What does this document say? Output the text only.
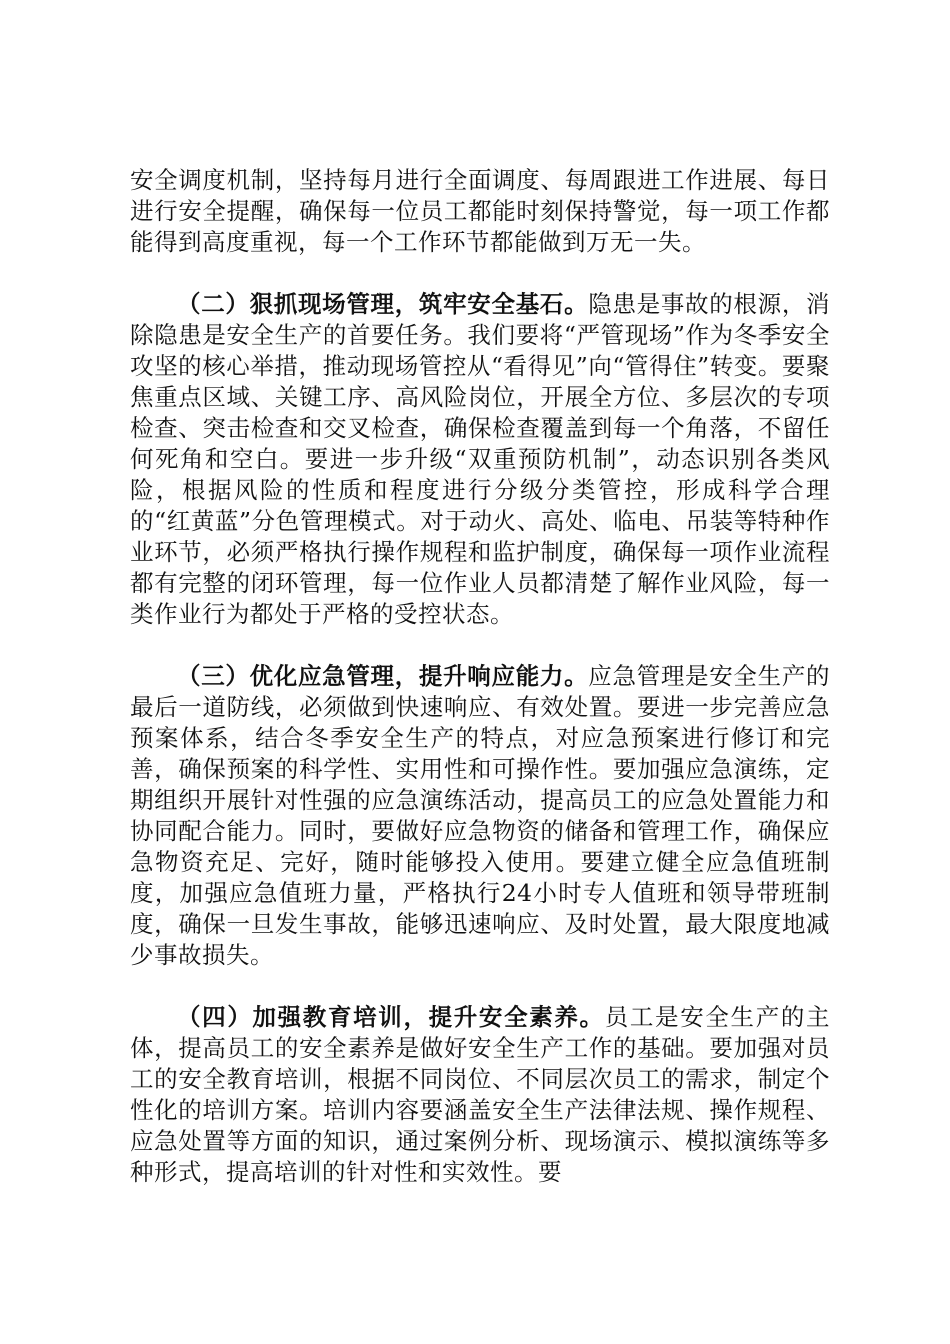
安全调度机制，坚持每月进行全面调度、每周跟进工作进展、每日进行安全提醒，确保每一位员工都能时刻保持警觉，每一项工作都能得到高度重视，每一个工作环节都能做到万无一失。

（二）狠抓现场管理，筑牢安全基石。隐患是事故的根源，消除隐患是安全生产的首要任务。我们要将“严管现场”作为冬季安全攻坚的核心举措，推动现场管控从“看得见”向“管得住”转变。要聚焦重点区域、关键工序、高风险岗位，开展全方位、多层次的专项检查、突击检查和交叉检查，确保检查覆盖到每一个角落，不留任何死角和空白。要进一步升级“双重预防机制”，动态识别各类风险，根据风险的性质和程度进行分级分类管控，形成科学合理的“红黄蓝”分色管理模式。对于动火、高处、临电、吊装等特种作业环节，必须严格执行操作规程和监护制度，确保每一项作业流程都有完整的闭环管理，每一位作业人员都清楚了解作业风险，每一类作业行为都处于严格的受控状态。

（三）优化应急管理，提升响应能力。应急管理是安全生产的最后一道防线，必须做到快速响应、有效处置。要进一步完善应急预案体系，结合冬季安全生产的特点，对应急预案进行修订和完善，确保预案的科学性、实用性和可操作性。要加强应急演练，定期组织开展针对性强的应急演练活动，提高员工的应急处置能力和协同配合能力。同时，要做好应急物资的储备和管理工作，确保应急物资充足、完好，随时能够投入使用。要建立健全应急值班制度，加强应急值班力量，严格执行24小时专人值班和领导带班制度，确保一旦发生事故，能够迅速响应、及时处置，最大限度地减少事故损失。

（四）加强教育培训，提升安全素养。员工是安全生产的主体，提高员工的安全素养是做好安全生产工作的基础。要加强对员工的安全教育培训，根据不同岗位、不同层次员工的需求，制定个性化的培训方案。培训内容要涵盖安全生产法律法规、操作规程、应急处置等方面的知识，通过案例分析、现场演示、模拟演练等多种形式，提高培训的针对性和实效性。要
